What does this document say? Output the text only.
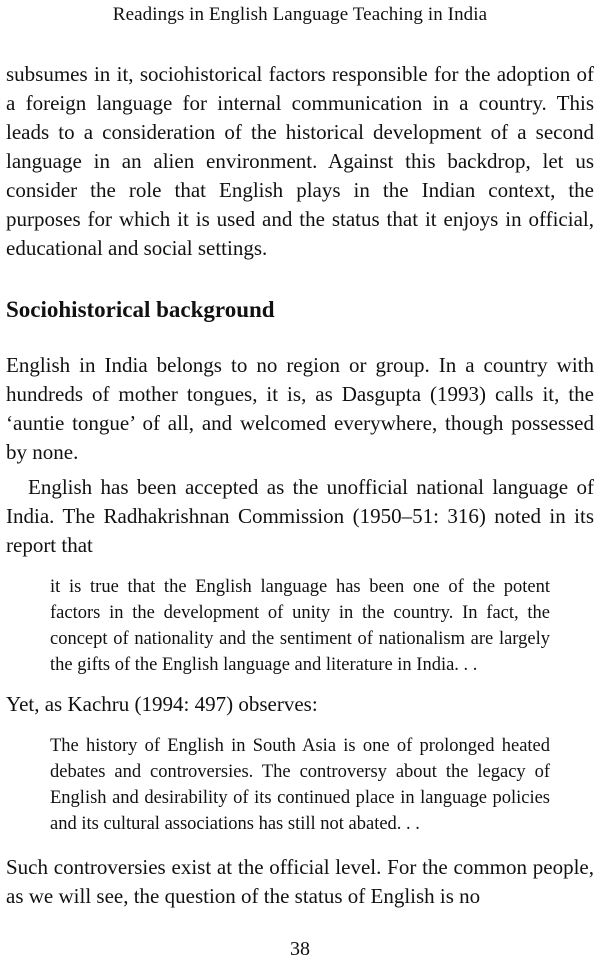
Readings in English Language Teaching in India

subsumes in it, sociohistorical factors responsible for the adoption of a foreign language for internal communication in a country. This leads to a consideration of the historical development of a second language in an alien environment. Against this backdrop, let us consider the role that English plays in the Indian context, the purposes for which it is used and the status that it enjoys in official, educational and social settings.

Sociohistorical background

English in India belongs to no region or group. In a country with hundreds of mother tongues, it is, as Dasgupta (1993) calls it, the ‘auntie tongue’ of all, and welcomed everywhere, though possessed by none.

English has been accepted as the unofficial national language of India. The Radhakrishnan Commission (1950–51: 316) noted in its report that

it is true that the English language has been one of the potent factors in the development of unity in the country. In fact, the concept of nationality and the sentiment of nationalism are largely the gifts of the English language and literature in India. . .

Yet, as Kachru (1994: 497) observes:

The history of English in South Asia is one of prolonged heated debates and controversies. The controversy about the legacy of English and desirability of its continued place in language policies and its cultural associations has still not abated. . .

Such controversies exist at the official level. For the common people, as we will see, the question of the status of English is no

38
